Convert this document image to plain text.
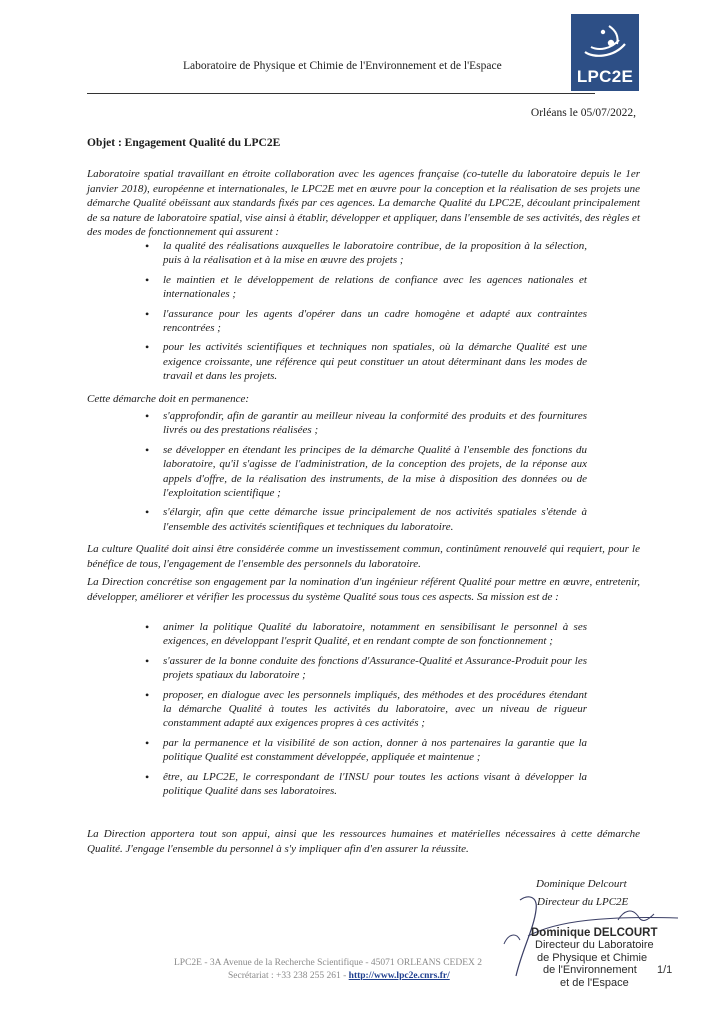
Laboratoire de Physique et Chimie de l'Environnement et de l'Espace
LPC2E
Orléans le 05/07/2022,
Objet : Engagement Qualité du LPC2E

Laboratoire spatial travaillant en étroite collaboration avec les agences française (co-tutelle du laboratoire depuis le 1er janvier 2018), européenne et internationales, le LPC2E met en œuvre pour la conception et la réalisation de ses projets une démarche Qualité obéissant aux standards fixés par ces agences. La demarche Qualité du LPC2E, découlant principalement de sa nature de laboratoire spatial, vise ainsi à établir, développer et appliquer, dans l'ensemble de ses activités, des règles et des modes de fonctionnement qui assurent :

• la qualité des réalisations auxquelles le laboratoire contribue, de la proposition à la sélection, puis à la réalisation et à la mise en œuvre des projets ;
• le maintien et le développement de relations de confiance avec les agences nationales et internationales ;
• l'assurance pour les agents d'opérer dans un cadre homogène et adapté aux contraintes rencontrées ;
• pour les activités scientifiques et techniques non spatiales, où la démarche Qualité est une exigence croissante, une référence qui peut constituer un atout déterminant dans les modes de travail et dans les projets.

Cette démarche doit en permanence:

• s'approfondir, afin de garantir au meilleur niveau la conformité des produits et des fournitures livrés ou des prestations réalisées ;
• se développer en étendant les principes de la démarche Qualité à l'ensemble des fonctions du laboratoire, qu'il s'agisse de l'administration, de la conception des projets, de la réponse aux appels d'offre, de la réalisation des instruments, de la mise à disposition des données ou de l'exploitation scientifique ;
• s'élargir, afin que cette démarche issue principalement de nos activités spatiales s'étende à l'ensemble des activités scientifiques et techniques du laboratoire.

La culture Qualité doit ainsi être considérée comme un investissement commun, continûment renouvelé qui requiert, pour le bénéfice de tous, l'engagement de l'ensemble des personnels du laboratoire.

La Direction concrétise son engagement par la nomination d'un ingénieur référent Qualité pour mettre en œuvre, entretenir, développer, améliorer et vérifier les processus du système Qualité sous tous ces aspects. Sa mission est de :

• animer la politique Qualité du laboratoire, notamment en sensibilisant le personnel à ses exigences, en développant l'esprit Qualité, et en rendant compte de son fonctionnement ;
• s'assurer de la bonne conduite des fonctions d'Assurance-Qualité et Assurance-Produit pour les projets spatiaux du laboratoire ;
• proposer, en dialogue avec les personnels impliqués, des méthodes et des procédures étendant la démarche Qualité à toutes les activités du laboratoire, avec un niveau de rigueur constamment adapté aux exigences propres à ces activités ;
• par la permanence et la visibilité de son action, donner à nos partenaires la garantie que la politique Qualité est constamment développée, appliquée et maintenue ;
• être, au LPC2E, le correspondant de l'INSU pour toutes les actions visant à développer la politique Qualité dans ses laboratoires.

La Direction apportera tout son appui, ainsi que les ressources humaines et matérielles nécessaires à cette démarche Qualité. J'engage l'ensemble du personnel à s'y impliquer afin d'en assurer la réussite.

Dominique Delcourt
Directeur du LPC2E
Dominique DELCOURT
Directeur du Laboratoire
de Physique et Chimie
de l'Environnement
et de l'Espace
LPC2E - 3A Avenue de la Recherche Scientifique - 45071 ORLEANS CEDEX 2
Secrétariat : +33 238 255 261 - http://www.lpc2e.cnrs.fr/	1/1
